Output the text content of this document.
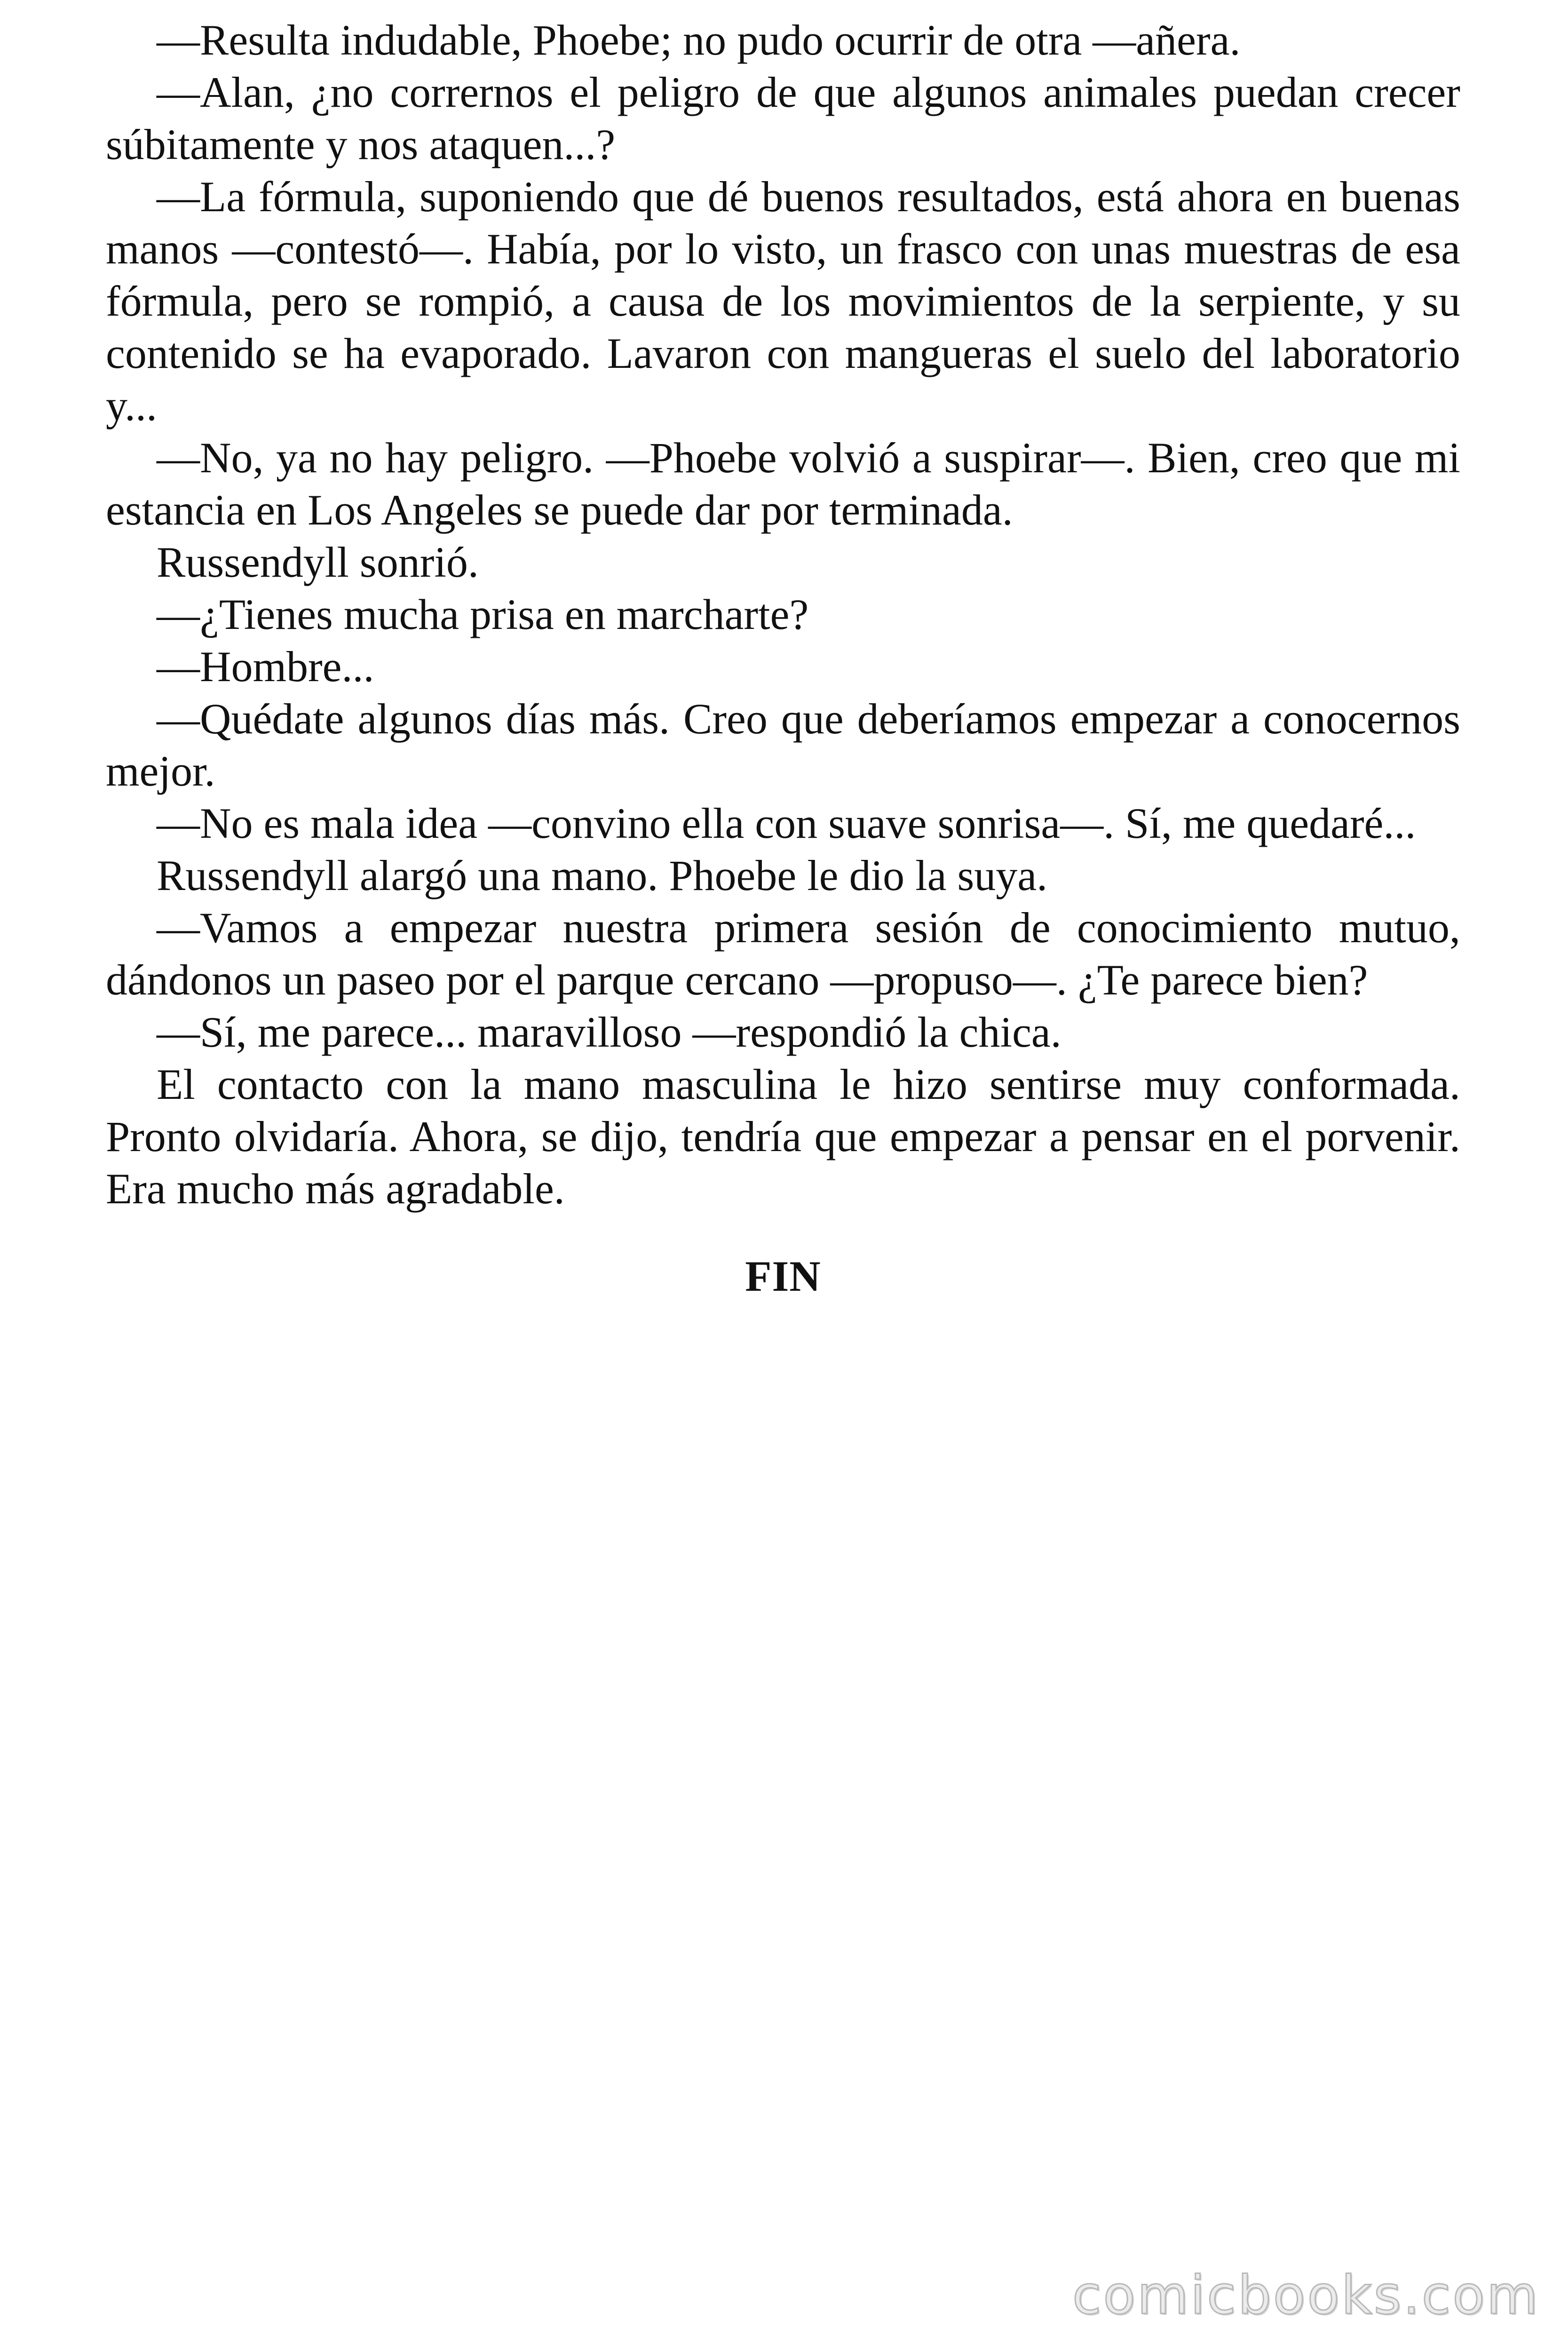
—Resulta indudable, Phoebe; no pudo ocurrir de otra —añera.

—Alan, ¿no corrernos el peligro de que algunos animales puedan crecer súbitamente y nos ataquen...?

—La fórmula, suponiendo que dé buenos resultados, está ahora en buenas manos —contestó—. Había, por lo visto, un frasco con unas muestras de esa fórmula, pero se rompió, a causa de los movimientos de la serpiente, y su contenido se ha evaporado. Lavaron con mangueras el suelo del laboratorio y...

—No, ya no hay peligro. —Phoebe volvió a suspirar—. Bien, creo que mi estancia en Los Angeles se puede dar por terminada.

Russendyll sonrió.

—¿Tienes mucha prisa en marcharte?

—Hombre...

—Quédate algunos días más. Creo que deberíamos empezar a conocernos mejor.

—No es mala idea —convino ella con suave sonrisa—. Sí, me quedaré...

Russendyll alargó una mano. Phoebe le dio la suya.

—Vamos a empezar nuestra primera sesión de conocimiento mutuo, dándonos un paseo por el parque cercano —propuso—. ¿Te parece bien?

—Sí, me parece... maravilloso —respondió la chica.

El contacto con la mano masculina le hizo sentirse muy conformada. Pronto olvidaría. Ahora, se dijo, tendría que empezar a pensar en el porvenir. Era mucho más agradable.

FIN

comicbooks.com
